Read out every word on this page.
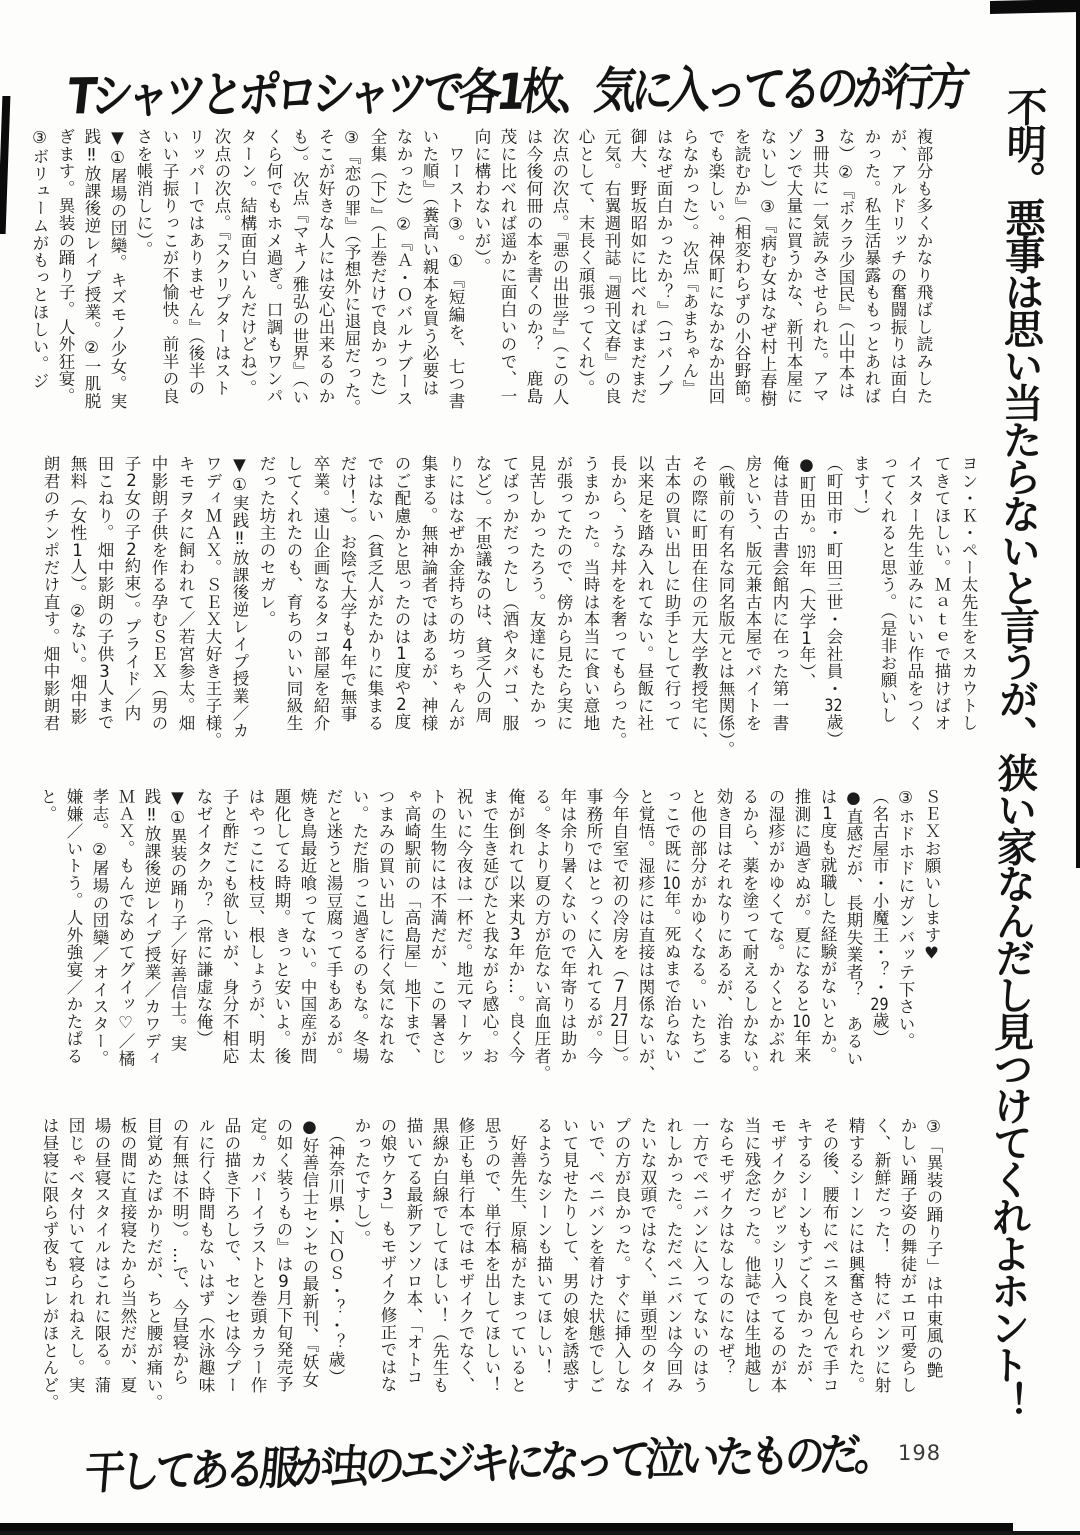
Tシャツとポロシャツで各1枚、気に入ってるのが行方 不明。悪事は思い当たらないと言うが、狭い家なんだし見つけてくれよホント！
複部分も多くかなり飛ばし読みした
が、アルドリッチの奮闘振りは面白
かった。私生活暴露ももっとあれば
な）②『ボクラ少国民』（山中本は
3冊共に一気読みさせられた。アマ
ゾンで大量に買うかな、新刊本屋に
ないし）③『病む女はなぜ村上春樹
を読むか』（相変わらずの小谷野節。
でも楽しい。神保町になかなか出回
らなかった）。次点『あまちゃん』
はなぜ面白かったか？』（コバノブ
御大、野坂昭如に比べればまだまだ
元気。右翼週刊誌『週刊文春』の良
心として、末長く頑張ってくれ）。
次点の次点。『悪の出世学』（この人
は今後何冊の本を書くのか？　鹿島
茂に比べれば遥かに面白いので、一
向に構わないが）。
　ワースト③。①『短編を、七つ書
いた順』（糞高い親本を買う必要は
なかった）②『Ａ・Ｏバルナブース
全集（下）』（上巻だけで良かった）
③『恋の罪』（予想外に退屈だった。
そこが好きな人には安心出来るのか
も）。次点『マキノ雅弘の世界』（い
くら何でもホメ過ぎ。口調もワンパ
ターン。結構面白いんだけどね）。
次点の次点。『スクリプターはスト
リッパーではありません』（後半の
いい子振りっこが不愉快。前半の良
さを帳消しに）。
▼①屠場の団欒。キズモノ少女。実
践‼放課後逆レイプ授業。②一肌脱
ぎます。異装の踊り子。人外狂宴。
③ボリュームがもっとほしい。ジ
ヨン・Ｋ・ペー太先生をスカウトし
てきてほしい。Ｍａｔｅで描けばオ
イスター先生並みにいい作品をつく
ってくれると思う。（是非お願いし
ます！）
（町田市・町田三世・会社員・32歳）
●町田か。1973年（大学1年）、
俺は昔の古書会館内に在った第一書
房という、版元兼古本屋でバイトを
（戦前の有名な同名版元とは無関係）。
その際に町田在住の元大学教授宅に、
古本の買い出しに助手として行って
以来足を踏み入れてない。昼飯に社
長から、うな丼をを奢ってもらった。
うまかった。当時は本当に食い意地
が張ってたので、傍から見たら実に
見苦しかったろう。友達にもたかっ
てばっかだったし（酒やタバコ、服
など）。不思議なのは、貧乏人の周
りにはなぜか金持ちの坊っちゃんが
集まる。無神論者ではあるが、神様
のご配慮かと思ったのは1度や2度
ではない（貧乏人がたかりに集まる
だけ！）。お陰で大学も4年で無事
卒業。遠山企画なるタコ部屋を紹介
してくれたのも、育ちのいい同級生
だった坊主のセガレ。
▼①実践‼放課後逆レイプ授業／カ
ワディＭＡＸ。ＳＥＸ大好き王子様。
キモヲタに飼われて／若宮参太。畑
中影朗子供を作る孕むＳＥＸ（男の
子2女の子2約束）。プライド／内
田こねり。畑中影朗の子供3人まで
無料（女性1人）。②ない。畑中影
朗君のチンポだけ直す。畑中影朗君
ＳＥＸお願いします♥
③ホドホドにガンバッテ下さい。
（名古屋市・小魔王・？・29歳）
●直感だが、長期失業者？　あるい
は1度も就職した経験がないとか。
推測に過ぎぬが。夏になると10年来
の湿疹がかゆくてな。かくとかぶれ
るから、薬を塗って耐えるしかない。
効き目はそれなりにあるが、治まる
と他の部分がかゆくなる。いたちご
っこで既に10年。死ぬまで治らない
と覚悟。湿疹には直接は関係ないが、
今年自室で初の冷房を（7月27日）。
事務所ではとっくに入れてるが。今
年は余り暑くないので年寄りは助か
る。冬より夏の方が危ない高血圧者。
俺が倒れて以来丸3年か…。良く今
まで生き延びたと我ながら感心。お
祝いに今夜は一杯だ。地元マーケッ
トの生物には不満だが、この暑さじ
ゃ高崎駅前の「高島屋」地下まで、
つまみの買い出しに行く気になれな
い。ただ脂っこ過ぎるのもな。冬場
だと迷うと湯豆腐って手もあるが。
焼き鳥最近喰ってない。中国産が問
題化してる時期。きっと安いよ。後
はやっこに枝豆、根しょうが、明太
子と酢だこも欲しいが、身分不相応
なゼイタクか？（常に謙虚な俺）
▼①異装の踊り子／好善信士。実
践‼放課後逆レイプ授業／カワディ
ＭＡＸ。もんでなめてグイッ♡／橘
孝志。②屠場の団欒／オイスター。
嫌嫌／いトう。人外強宴／かたぱる
と。
③「異装の踊り子」は中東風の艶
かしい踊子姿の舞徒がエロ可愛らし
く、新鮮だった！　特にパンツに射
精するシーンには興奮させられた。
その後、腰布にペニスを包んで手コ
キするシーンもすごく良かったが、
モザイクがビッシリ入ってるのが本
当に残念だった。他誌では生地越し
ならモザイクはなしなのになぜ？
一方でペニバンに入ってないのはう
れしかった。ただペニバンは今回み
たいな双頭ではなく、単頭型のタイ
プの方が良かった。すぐに挿入しな
いで、ペニバンを着けた状態でしご
いて見せたりして、男の娘を誘惑す
るようなシーンも描いてほしい！
　好善先生、原稿がたまっていると
思うので、単行本を出してほしい！
修正も単行本ではモザイクでなく、
黒線か白線でしてほしい！（先生も
描いてる最新アンソロ本、「オトコ
の娘ウケ3」もモザイク修正ではな
かったですし）。
　（神奈川県・ＮＯＳ・？・？歳）
●好善信士センセの最新刊、『妖女
の如く装うもの』は9月下旬発売予
定。カバーイラストと巻頭カラー作
品の描き下ろしで、センセは今プー
ルに行く時間もないはず（水泳趣味
の有無は不明）。…で、今昼寝から
目覚めたばかりだが、ちと腰が痛い。
板の間に直接寝たから当然だが、夏
場の昼寝スタイルはこれに限る。蒲
団じゃベタ付いて寝られねえし。実
は昼寝に限らず夜もコレがほとんど。
干してある服が虫のエジキになって泣いたものだ。 198
